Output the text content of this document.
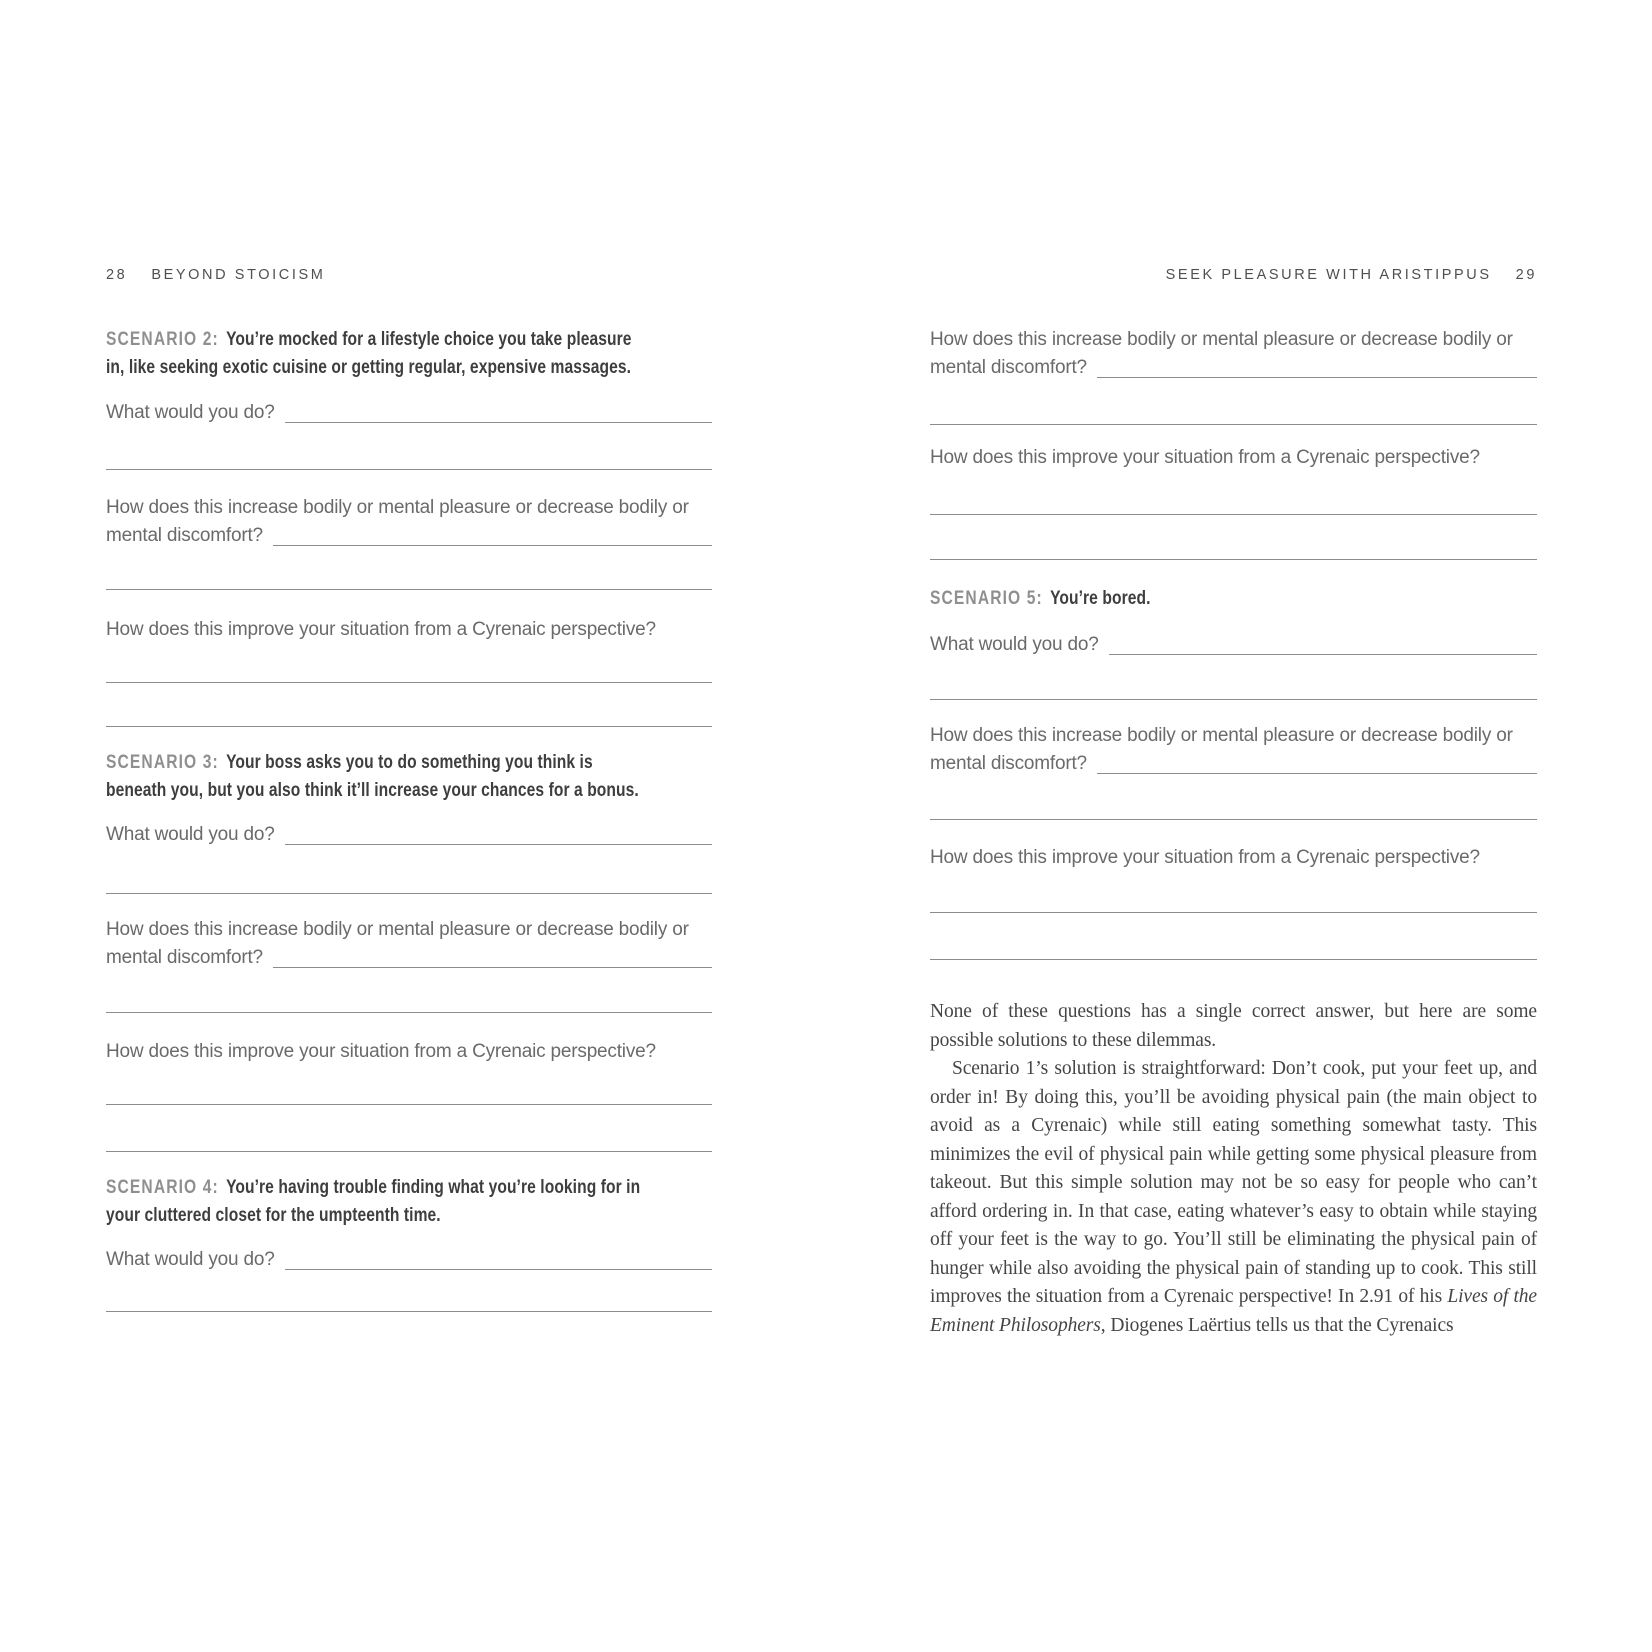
28 BEYOND STOICISM
SCENARIO 2: You’re mocked for a lifestyle choice you take pleasure
in, like seeking exotic cuisine or getting regular, expensive massages.
What would you do?
How does this increase bodily or mental pleasure or decrease bodily or
mental discomfort?
How does this improve your situation from a Cyrenaic perspective?
SCENARIO 3: Your boss asks you to do something you think is
beneath you, but you also think it’ll increase your chances for a bonus.
What would you do?
How does this increase bodily or mental pleasure or decrease bodily or
mental discomfort?
How does this improve your situation from a Cyrenaic perspective?
SCENARIO 4: You’re having trouble finding what you’re looking for in
your cluttered closet for the umpteenth time.
What would you do?
SEEK PLEASURE WITH ARISTIPPUS 29
How does this increase bodily or mental pleasure or decrease bodily or
mental discomfort?
How does this improve your situation from a Cyrenaic perspective?
SCENARIO 5: You’re bored.
What would you do?
How does this increase bodily or mental pleasure or decrease bodily or
mental discomfort?
How does this improve your situation from a Cyrenaic perspective?

None of these questions has a single correct answer, but here are some possible solutions to these dilemmas.

Scenario 1’s solution is straightforward: Don’t cook, put your feet up, and order in! By doing this, you’ll be avoiding physical pain (the main object to avoid as a Cyrenaic) while still eating something somewhat tasty. This minimizes the evil of physical pain while getting some physical pleasure from takeout. But this simple solution may not be so easy for people who can’t afford ordering in. In that case, eating whatever’s easy to obtain while staying off your feet is the way to go. You’ll still be eliminating the physical pain of hunger while also avoiding the physical pain of standing up to cook. This still improves the situation from a Cyrenaic perspective! In 2.91 of his Lives of the Eminent Philosophers, Diogenes Laërtius tells us that the Cyrenaics
